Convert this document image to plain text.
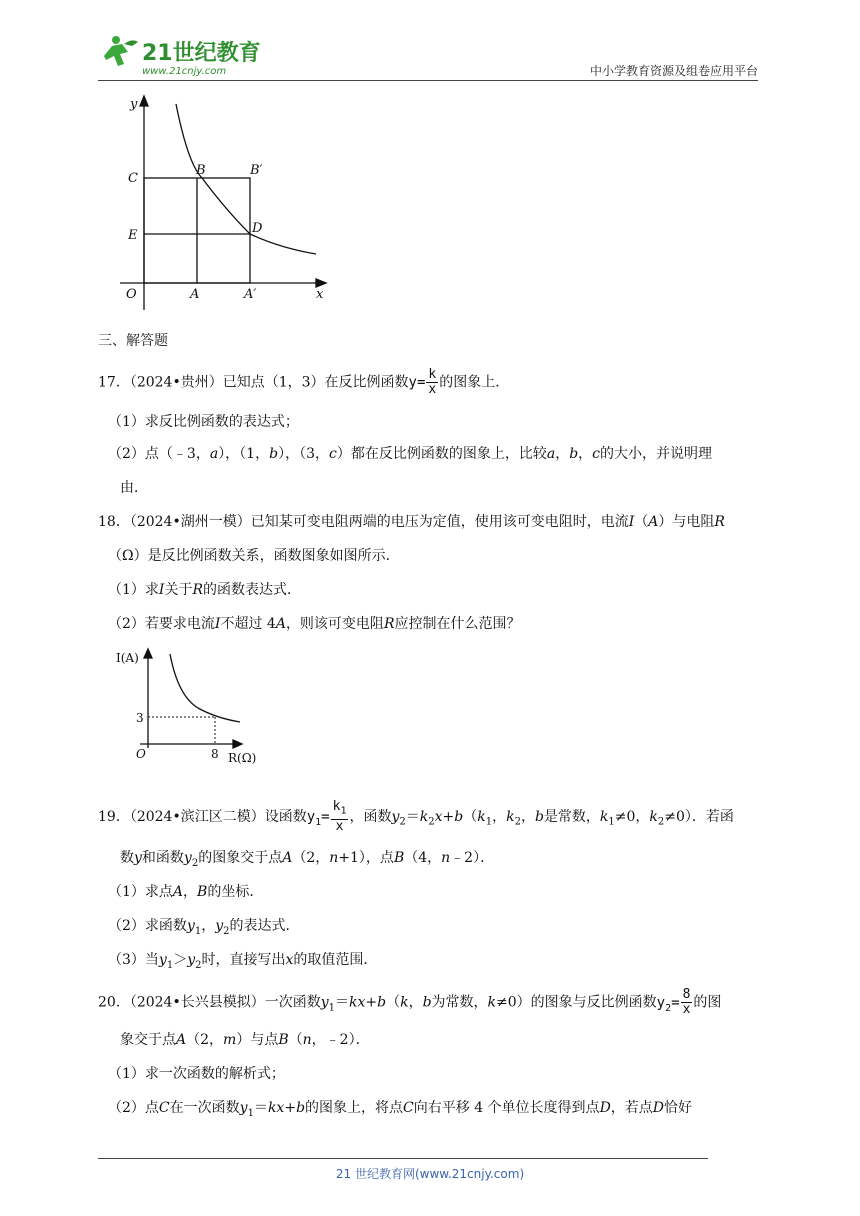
21世纪教育
www.21cnjy.com	中小学教育资源及组卷应用平台
y
x
O
C
E
B	B′
D
A	A′
三、解答题
17．（2024•贵州）已知点（1，3）在反比例函数$y= \frac{k}{x}$ 的图象上．
（1）求反比例函数的表达式；
（2）点（﹣3，a），（1，b），（3，c）都在反比例函数的图象上，比较a，b，c的大小，并说明理
由．
18．（2024•湖州一模）已知某可变电阻两端的电压为定值，使用该可变电阻时，电流I（A）与电阻R
（Ω）是反比例函数关系，函数图象如图所示．
（1）求I关于R的函数表达式．
（2）若要求电流I不超过 4A，则该可变电阻R应控制在什么范围？
I(A)
R(Ω)
O
3
8
19．（2024•滨江区二模）设函数$y_1= \frac{k_1}{x}$ ，函数$y_2=k_2x+b(k_1$，$k_2$，b是常数，$k_1\ne 0$，$k_2\ne 0$）．若函
数y和函数$y_2$的图象交于点A（2，n+1），点B（4，n﹣2）．
（1）求点A，B的坐标．
（2）求函数$y_1$，$y_2$的表达式．
（3）当$y_1>y_2$时，直接写出x的取值范围．
20．（2024•长兴县模拟）一次函数$y_1=kx+b(k$，b为常数，k≠0）的图象与反比例函数$y_2= \frac{8}{x}$ 的图
象交于点A（2，m）与点B（n，﹣2）．
（1）求一次函数的解析式；
（2）点C在一次函数$y_1=kx+b$的图象上，将点C向右平移 4 个单位长度得到点D，若点D恰好
21 世纪教育网(www.21cnjy.com)
